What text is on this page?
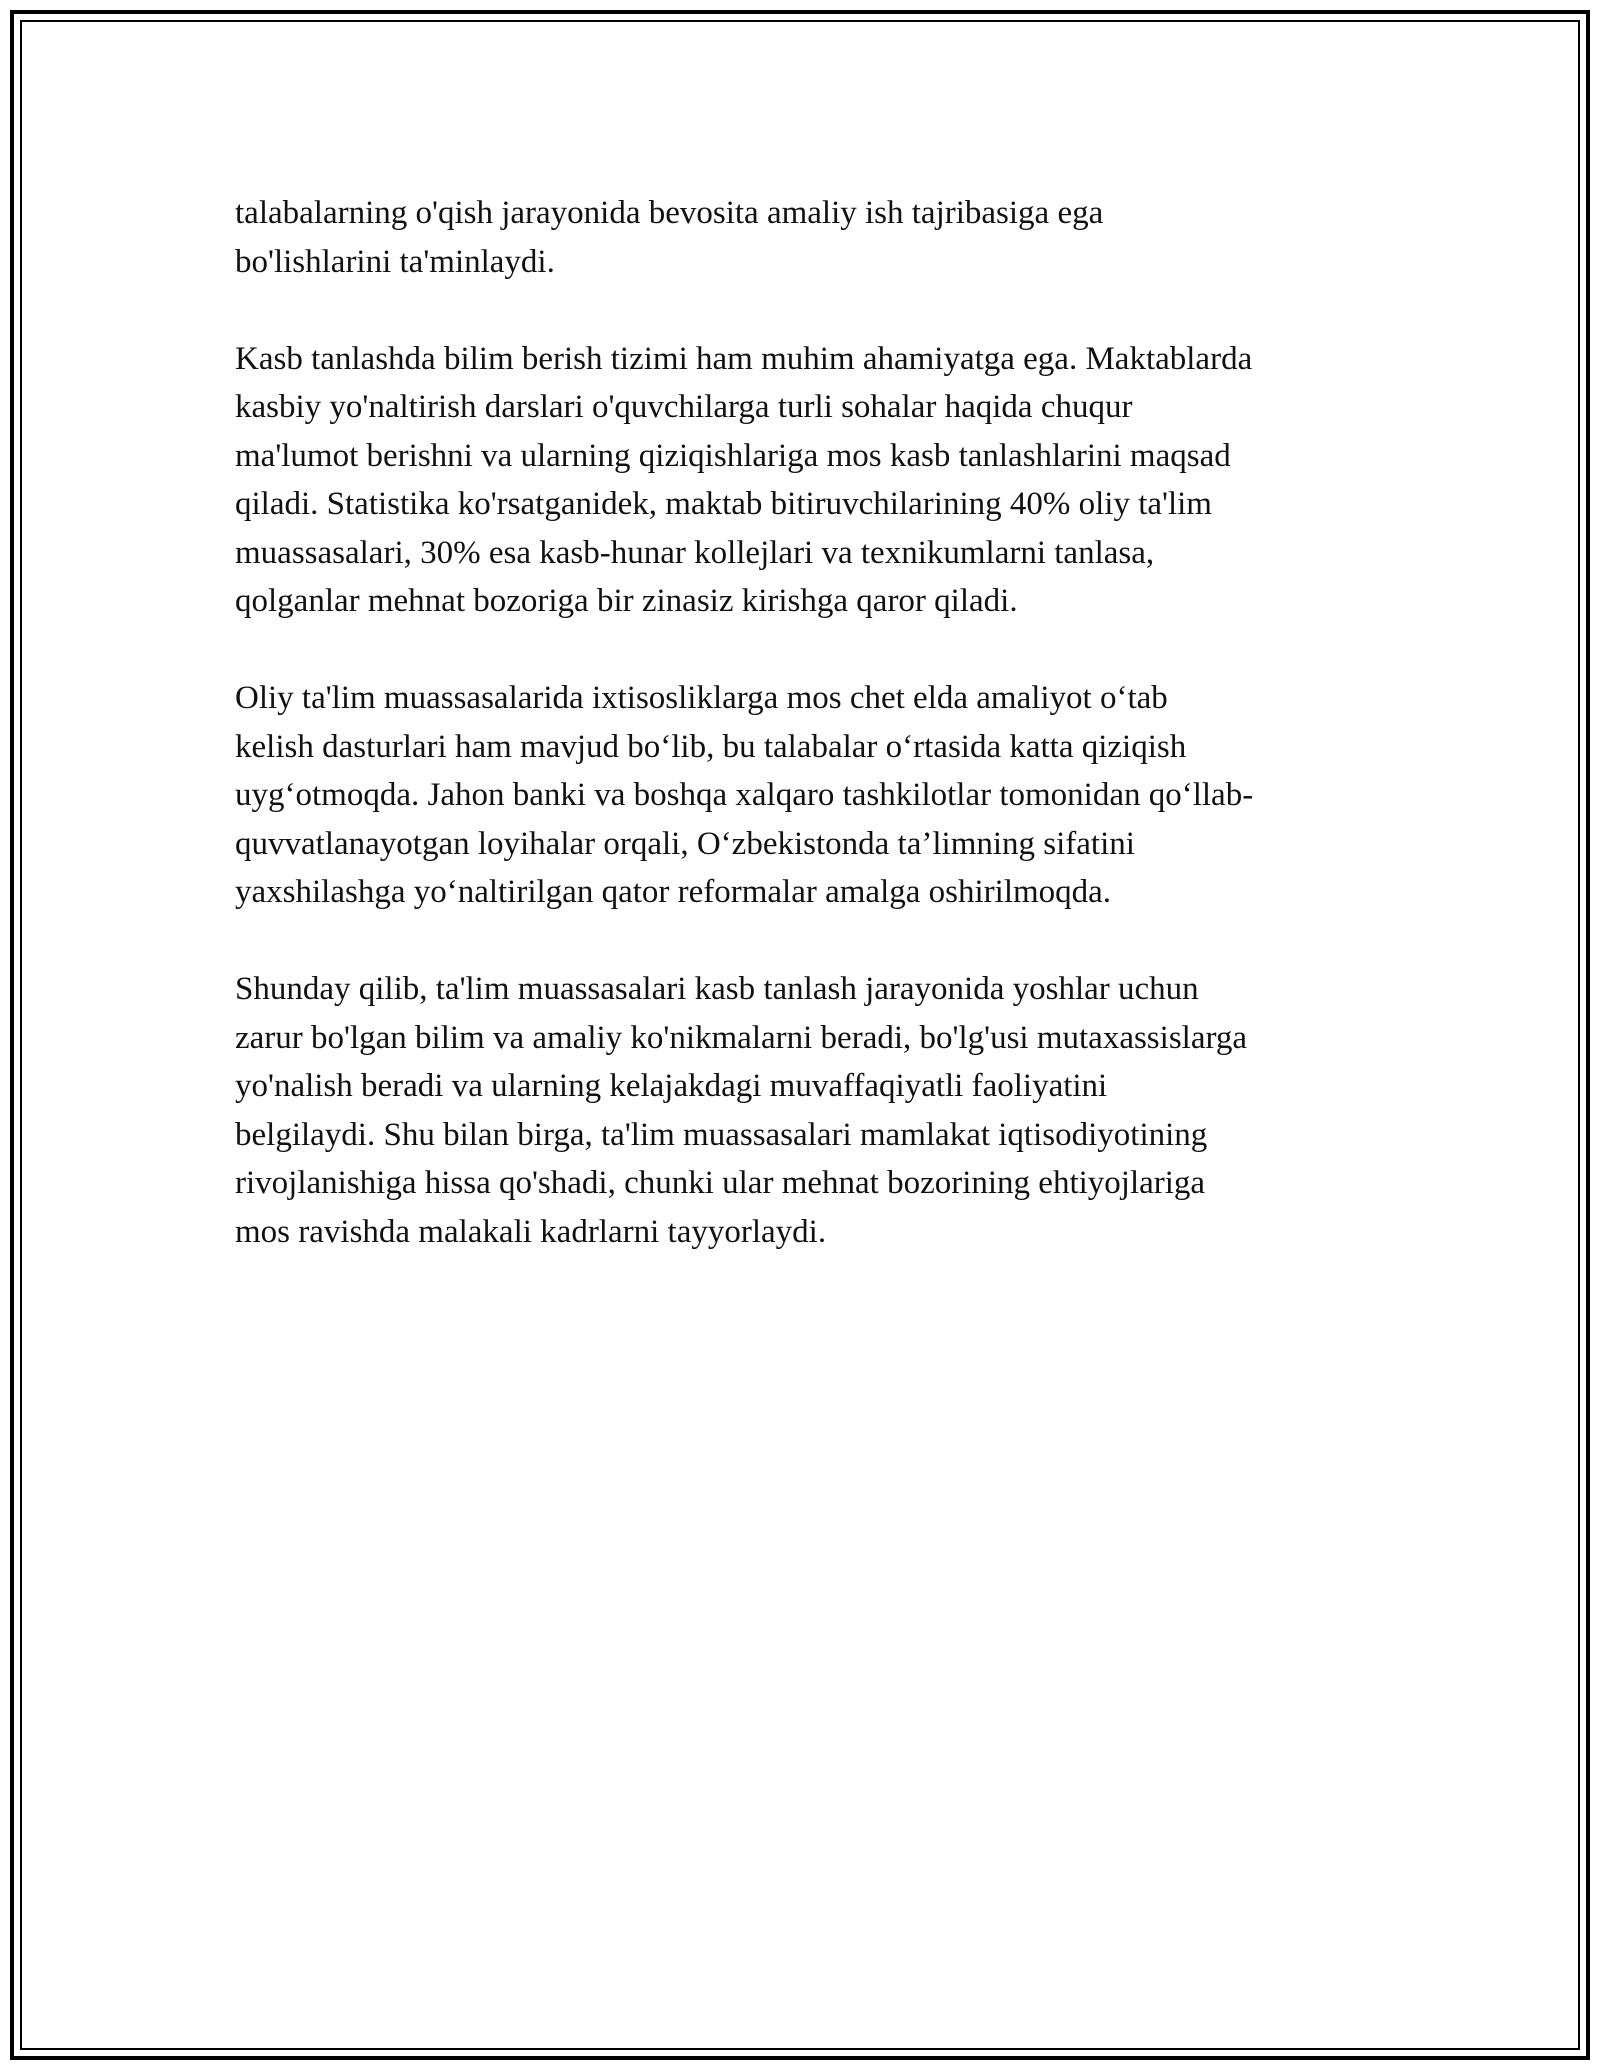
talabalarning o'qish jarayonida bevosita amaliy ish tajribasiga ega
bo'lishlarini ta'minlaydi.

Kasb tanlashda bilim berish tizimi ham muhim ahamiyatga ega. Maktablarda
kasbiy yo'naltirish darslari o'quvchilarga turli sohalar haqida chuqur
ma'lumot berishni va ularning qiziqishlariga mos kasb tanlashlarini maqsad
qiladi. Statistika ko'rsatganidek, maktab bitiruvchilarining 40% oliy ta'lim
muassasalari, 30% esa kasb-hunar kollejlari va texnikumlarni tanlasa,
qolganlar mehnat bozoriga bir zinasiz kirishga qaror qiladi.

Oliy ta'lim muassasalarida ixtisosliklarga mos chet elda amaliyot o‘tab
kelish dasturlari ham mavjud bo‘lib, bu talabalar o‘rtasida katta qiziqish
uyg‘otmoqda. Jahon banki va boshqa xalqaro tashkilotlar tomonidan qo‘llab-
quvvatlanayotgan loyihalar orqali, O‘zbekistonda ta’limning sifatini
yaxshilashga yo‘naltirilgan qator reformalar amalga oshirilmoqda.

Shunday qilib, ta'lim muassasalari kasb tanlash jarayonida yoshlar uchun
zarur bo'lgan bilim va amaliy ko'nikmalarni beradi, bo'lg'usi mutaxassislarga
yo'nalish beradi va ularning kelajakdagi muvaffaqiyatli faoliyatini
belgilaydi. Shu bilan birga, ta'lim muassasalari mamlakat iqtisodiyotining
rivojlanishiga hissa qo'shadi, chunki ular mehnat bozorining ehtiyojlariga
mos ravishda malakali kadrlarni tayyorlaydi.
